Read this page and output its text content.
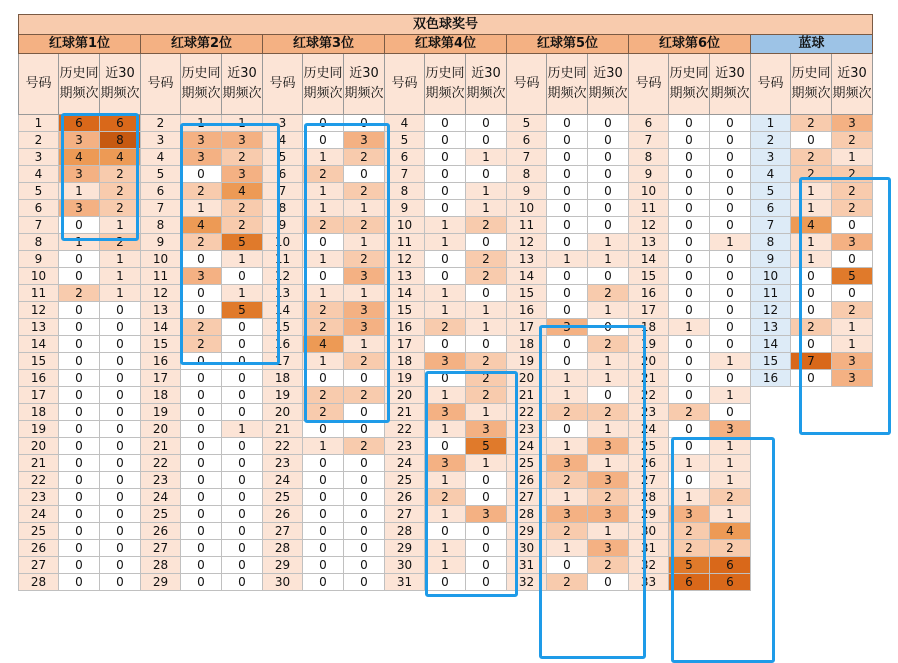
双色球奖号																				
红球第1位			红球第2位			红球第3位			红球第4位			红球第5位			红球第6位			蓝球		
号码	历史同期频次	近30期频次	号码	历史同期频次	近30期频次	号码	历史同期频次	近30期频次	号码	历史同期频次	近30期频次	号码	历史同期频次	近30期频次	号码	历史同期频次	近30期频次	号码	历史同期频次	近30期频次
1	6	6	2	1	1	3	0	0	4	0	0	5	0	0	6	0	0	1	2	3
2	3	8	3	3	3	4	0	3	5	0	0	6	0	0	7	0	0	2	0	2
3	4	4	4	3	2	5	1	2	6	0	1	7	0	0	8	0	0	3	2	1
4	3	2	5	0	3	6	2	0	7	0	0	8	0	0	9	0	0	4	2	2
5	1	2	6	2	4	7	1	2	8	0	1	9	0	0	10	0	0	5	1	2
6	3	2	7	1	2	8	1	1	9	0	1	10	0	0	11	0	0	6	1	2
7	0	1	8	4	2	9	2	2	10	1	2	11	0	0	12	0	0	7	4	0
8	1	2	9	2	5	10	0	1	11	1	0	12	0	1	13	0	1	8	1	3
9	0	1	10	0	1	11	1	2	12	0	2	13	1	1	14	0	0	9	1	0
10	0	1	11	3	0	12	0	3	13	0	2	14	0	0	15	0	0	10	0	5
11	2	1	12	0	1	13	1	1	14	1	0	15	0	2	16	0	0	11	0	0
12	0	0	13	0	5	14	2	3	15	1	1	16	0	1	17	0	0	12	0	2
13	0	0	14	2	0	15	2	3	16	2	1	17	3	0	18	1	0	13	2	1
14	0	0	15	2	0	16	4	1	17	0	0	18	0	2	19	0	0	14	0	1
15	0	0	16	0	0	17	1	2	18	3	2	19	0	1	20	0	1	15	7	3
16	0	0	17	0	0	18	0	0	19	0	2	20	1	1	21	0	0	16	0	3
17	0	0	18	0	0	19	2	2	20	1	2	21	1	0	22	0	1			
18	0	0	19	0	0	20	2	0	21	3	1	22	2	2	23	2	0			
19	0	0	20	0	1	21	0	0	22	1	3	23	0	1	24	0	3			
20	0	0	21	0	0	22	1	2	23	0	5	24	1	3	25	0	1			
21	0	0	22	0	0	23	0	0	24	3	1	25	3	1	26	1	1			
22	0	0	23	0	0	24	0	0	25	1	0	26	2	3	27	0	1			
23	0	0	24	0	0	25	0	0	26	2	0	27	1	2	28	1	2			
24	0	0	25	0	0	26	0	0	27	1	3	28	3	3	29	3	1			
25	0	0	26	0	0	27	0	0	28	0	0	29	2	1	30	2	4			
26	0	0	27	0	0	28	0	0	29	1	0	30	1	3	31	2	2			
27	0	0	28	0	0	29	0	0	30	1	0	31	0	2	32	5	6			
28	0	0	29	0	0	30	0	0	31	0	0	32	2	0	33	6	6			
